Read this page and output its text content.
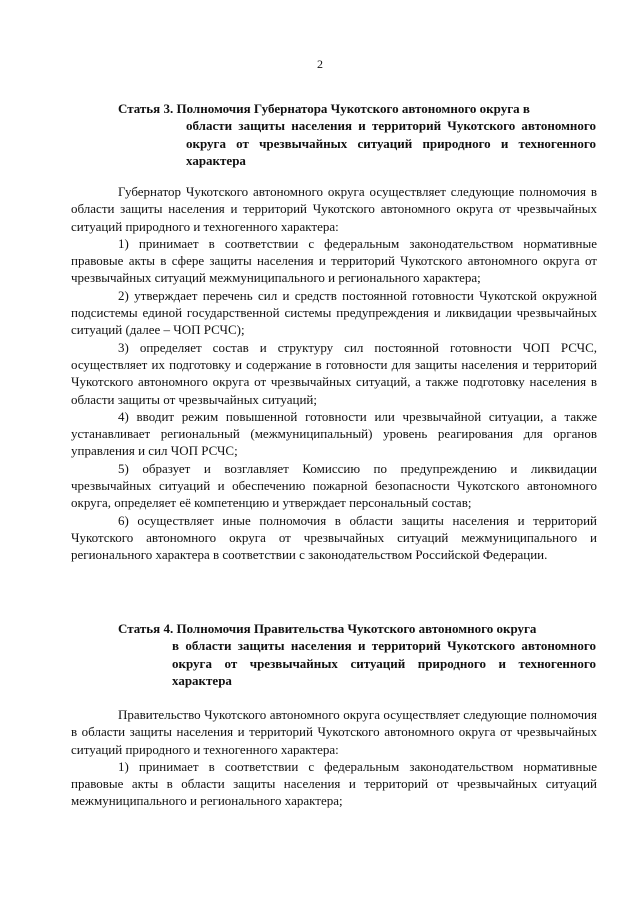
2
Статья 3. Полномочия Губернатора Чукотского автономного округа в
области защиты населения и территорий Чукотского автономного округа от чрезвычайных ситуаций природного и техногенного характера

Губернатор Чукотского автономного округа осуществляет следующие полномочия в области защиты населения и территорий Чукотского автономного округа от чрезвычайных ситуаций природного и техногенного характера:

1) принимает в соответствии с федеральным законодательством нормативные правовые акты в сфере защиты населения и территорий Чукотского автономного округа от чрезвычайных ситуаций межмуниципального и регионального характера;

2) утверждает перечень сил и средств постоянной готовности Чукотской окружной подсистемы единой государственной системы предупреждения и ликвидации чрезвычайных ситуаций (далее – ЧОП РСЧС);

3) определяет состав и структуру сил постоянной готовности ЧОП РСЧС, осуществляет их подготовку и содержание в готовности для защиты населения и территорий Чукотского автономного округа от чрезвычайных ситуаций, а также подготовку населения в области защиты от чрезвычайных ситуаций;

4) вводит режим повышенной готовности или чрезвычайной ситуации, а также устанавливает региональный (межмуниципальный) уровень реагирования для органов управления и сил ЧОП РСЧС;

5) образует и возглавляет Комиссию по предупреждению и ликвидации чрезвычайных ситуаций и обеспечению пожарной безопасности Чукотского автономного округа, определяет её компетенцию и утверждает персональный состав;

6) осуществляет иные полномочия в области защиты населения и территорий Чукотского автономного округа от чрезвычайных ситуаций межмуниципального и регионального характера в соответствии с законодательством Российской Федерации.

Статья 4. Полномочия Правительства Чукотского автономного округа
в области защиты населения и территорий Чукотского автономного округа от чрезвычайных ситуаций природного и техногенного характера

Правительство Чукотского автономного округа осуществляет следующие полномочия в области защиты населения и территорий Чукотского автономного округа от чрезвычайных ситуаций природного и техногенного характера:

1) принимает в соответствии с федеральным законодательством нормативные правовые акты в области защиты населения и территорий от чрезвычайных ситуаций межмуниципального и регионального характера;
